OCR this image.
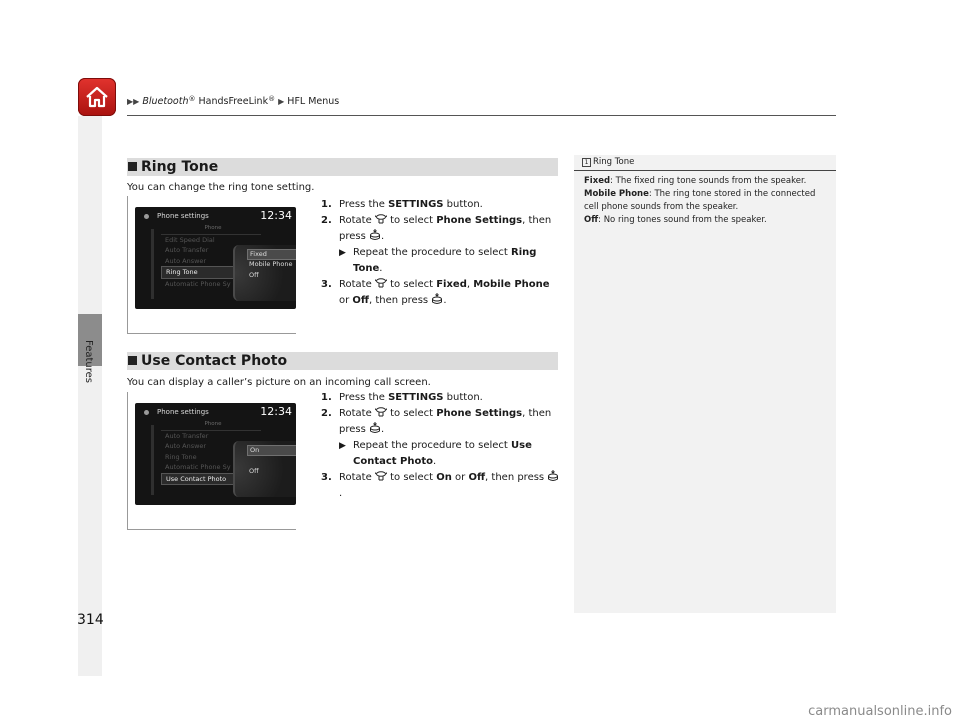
▶▶ Bluetooth® HandsFreeLink® ▶ HFL Menus
Features
Ring Tone
You can change the ring tone setting.
Phone settings	12:34
Phone
Edit Speed Dial
Auto Transfer
Auto Answer
Ring Tone
Automatic Phone Sy
Fixed
Mobile Phone
Off
1. Press the SETTINGS button.
2. Rotate  to select Phone Settings, then press .
▶ Repeat the procedure to select Ring Tone.
3. Rotate  to select Fixed, Mobile Phone or Off, then press .
Use Contact Photo
You can display a caller’s picture on an incoming call screen.
Phone settings	12:34
Phone
Auto Transfer
Auto Answer
Ring Tone
Automatic Phone Sy
Use Contact Photo
On
Off
1. Press the SETTINGS button.
2. Rotate  to select Phone Settings, then press .
▶ Repeat the procedure to select Use Contact Photo.
3. Rotate  to select On or Off, then press .
1 Ring Tone
Fixed: The fixed ring tone sounds from the speaker.
Mobile Phone: The ring tone stored in the connected cell phone sounds from the speaker.
Off: No ring tones sound from the speaker.
314
carmanualsonline.info
